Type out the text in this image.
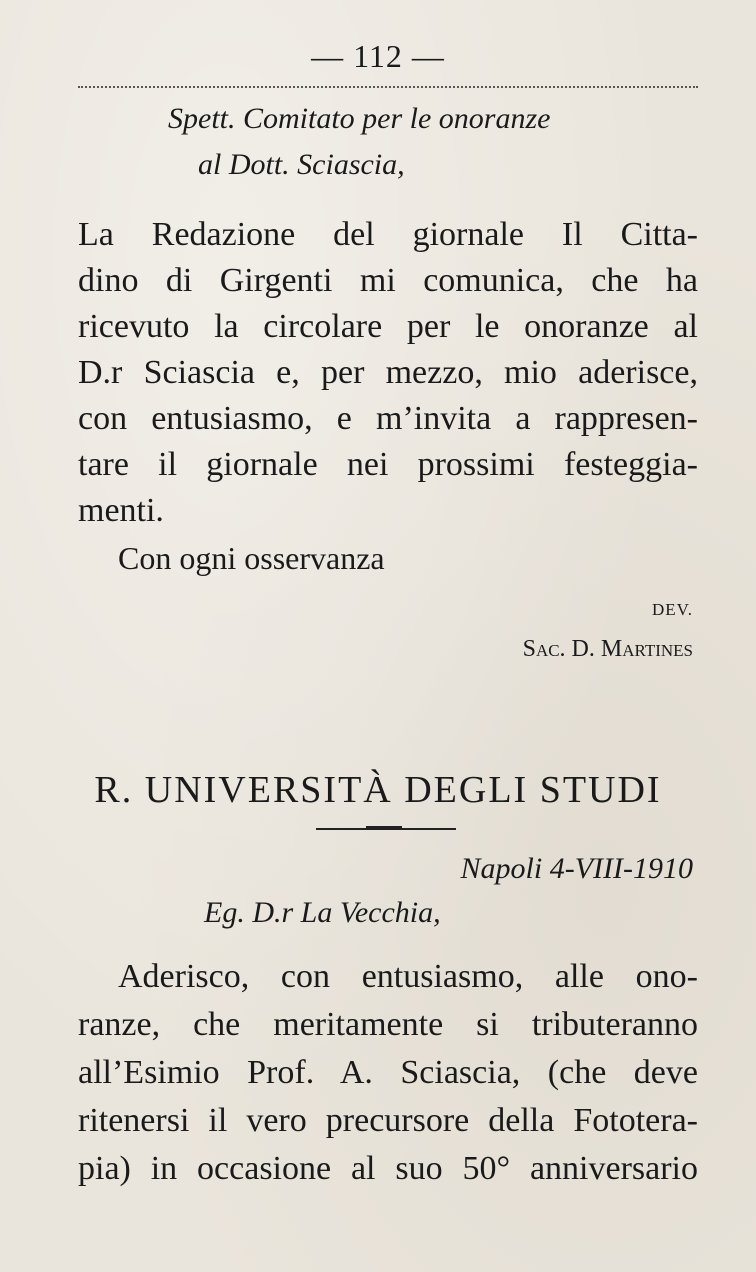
— 112 —

Spett. Comitato per le onoranze

al Dott. Sciascia,

La Redazione del giornale Il Citta-

dino di Girgenti mi comunica, che ha

ricevuto la circolare per le onoranze al

D.r Sciascia e, per mezzo, mio aderisce,

con entusiasmo, e m’invita a rappresen-

tare il giornale nei prossimi festeggia-

menti.

Con ogni osservanza

DEV.

Sac. D. Martines

R. UNIVERSITÀ DEGLI STUDI

Napoli 4-VIII-1910

Eg. D.r La Vecchia,

Aderisco, con entusiasmo, alle ono-

ranze, che meritamente si tributeranno

all’Esimio Prof. A. Sciascia, (che deve

ritenersi il vero precursore della Fototera-

pia) in occasione al suo 50° anniversario
